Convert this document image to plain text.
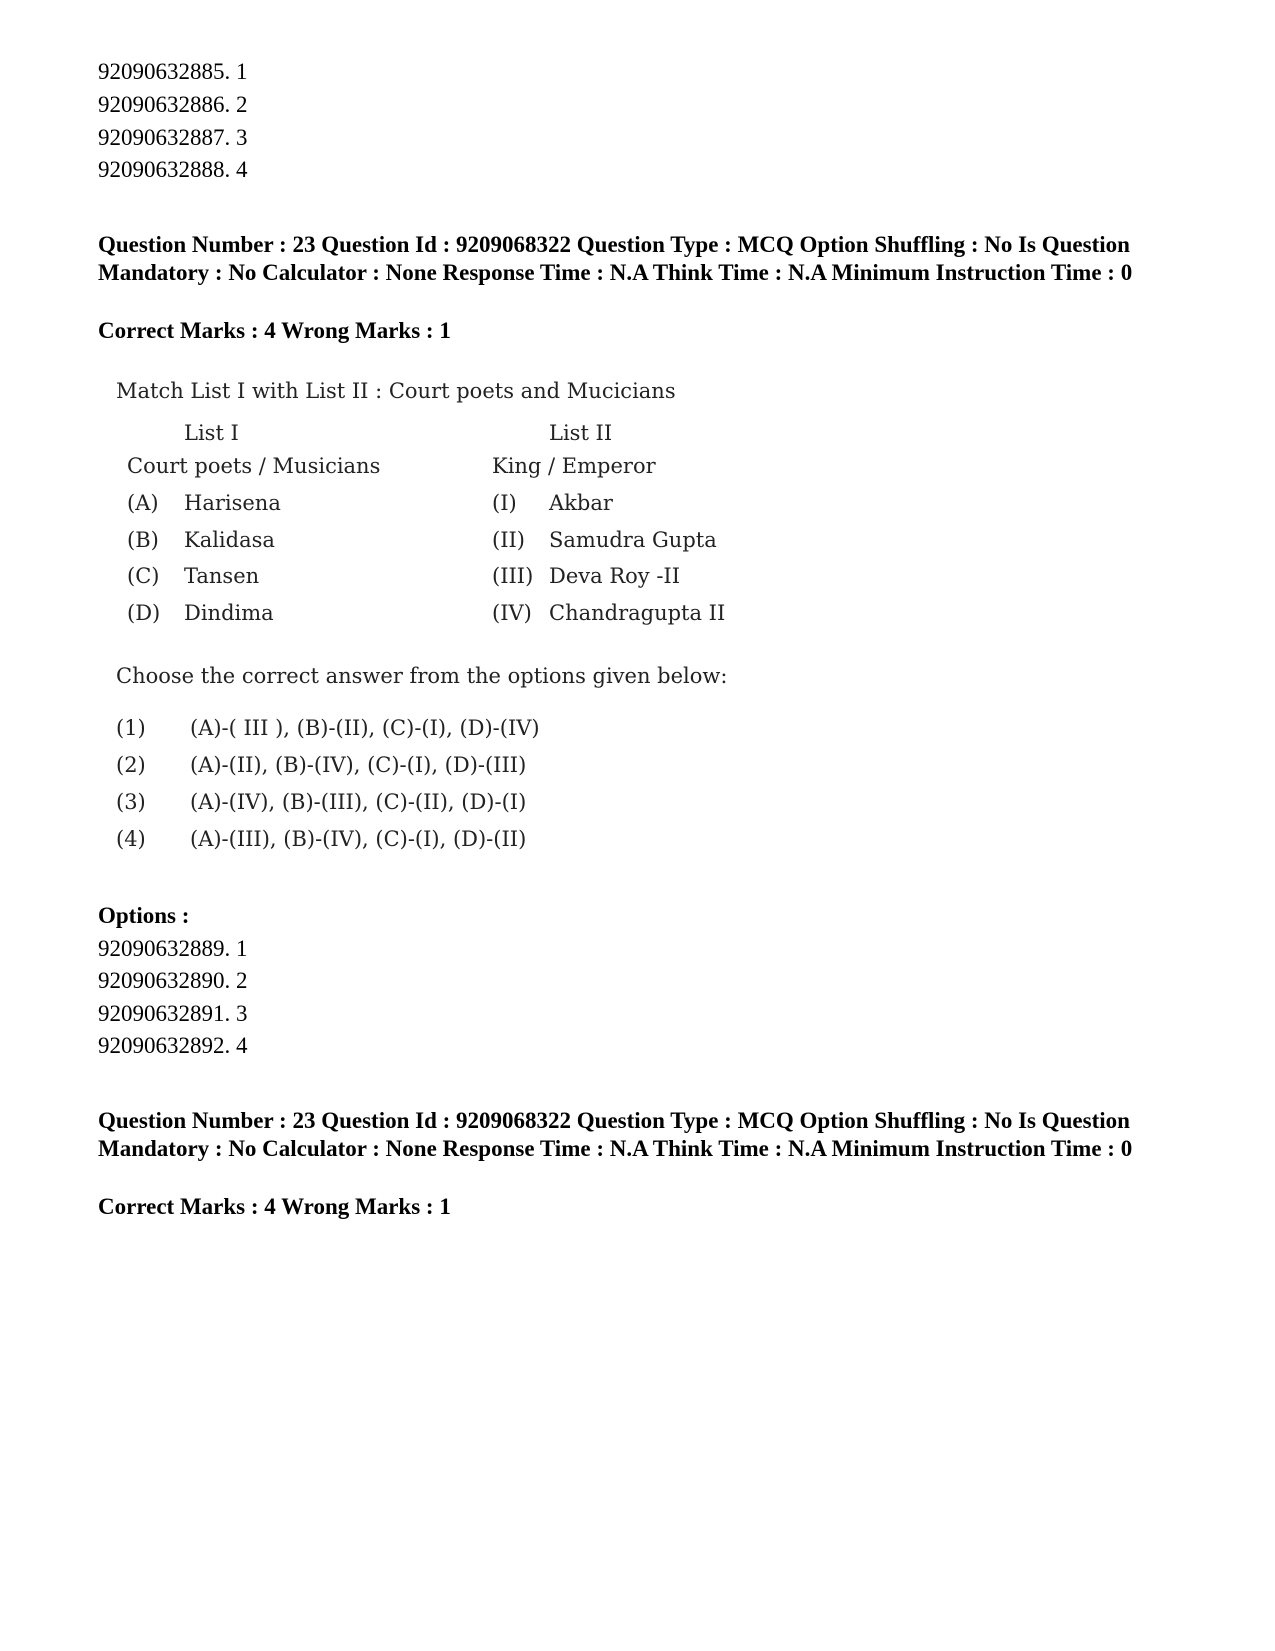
92090632885. 1
92090632886. 2
92090632887. 3
92090632888. 4
Question Number : 23 Question Id : 9209068322 Question Type : MCQ Option Shuffling : No Is Question Mandatory : No Calculator : None Response Time : N.A Think Time : N.A Minimum Instruction Time : 0
Correct Marks : 4 Wrong Marks : 1
Match List I with List II : Court poets and Mucicians
List I	List II
Court poets / Musicians	King / Emperor
(A) Harisena	(I) Akbar
(B) Kalidasa	(II) Samudra Gupta
(C) Tansen	(III) Deva Roy -II
(D) Dindima	(IV) Chandragupta II
Choose the correct answer from the options given below:
(1) (A)-( III ), (B)-(II), (C)-(I), (D)-(IV)
(2) (A)-(II), (B)-(IV), (C)-(I), (D)-(III)
(3) (A)-(IV), (B)-(III), (C)-(II), (D)-(I)
(4) (A)-(III), (B)-(IV), (C)-(I), (D)-(II)
Options :
92090632889. 1
92090632890. 2
92090632891. 3
92090632892. 4
Question Number : 23 Question Id : 9209068322 Question Type : MCQ Option Shuffling : No Is Question Mandatory : No Calculator : None Response Time : N.A Think Time : N.A Minimum Instruction Time : 0
Correct Marks : 4 Wrong Marks : 1
